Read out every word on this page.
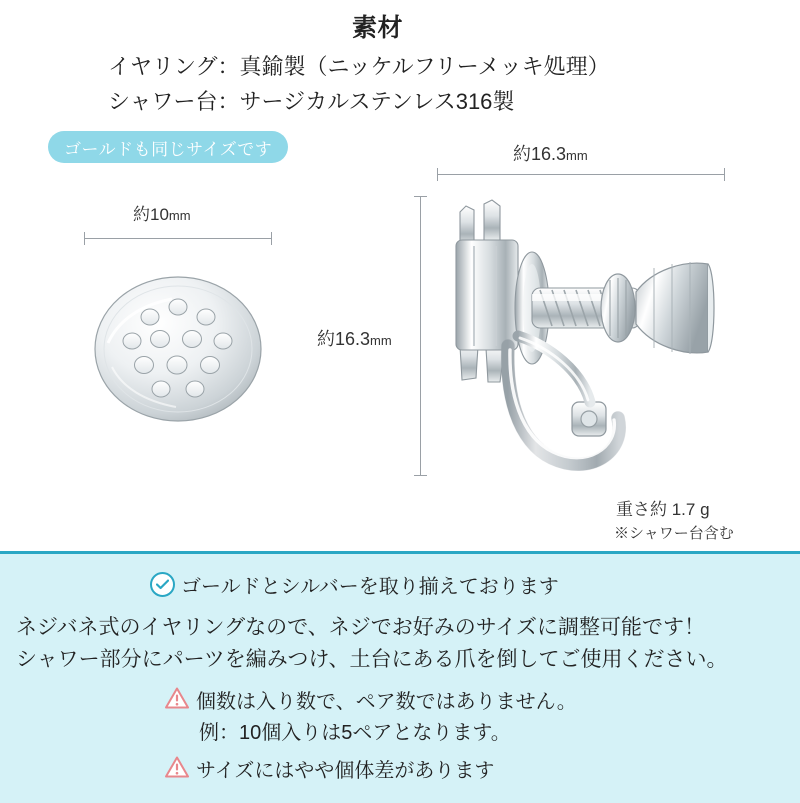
素材
イヤリング：真鍮製（ニッケルフリーメッキ処理）
シャワー台：サージカルステンレス316製
ゴールドも同じサイズです
約10mm
約16.3mm
約16.3mm
重さ約 1.7 g
※シャワー台含む
ゴールドとシルバーを取り揃えております
ネジバネ式のイヤリングなので、ネジでお好みのサイズに調整可能です！
シャワー部分にパーツを編みつけ、土台にある爪を倒してご使用ください。
個数は入り数で、ペア数ではありません。
例：10個入りは5ペアとなります。
サイズにはやや個体差があります
